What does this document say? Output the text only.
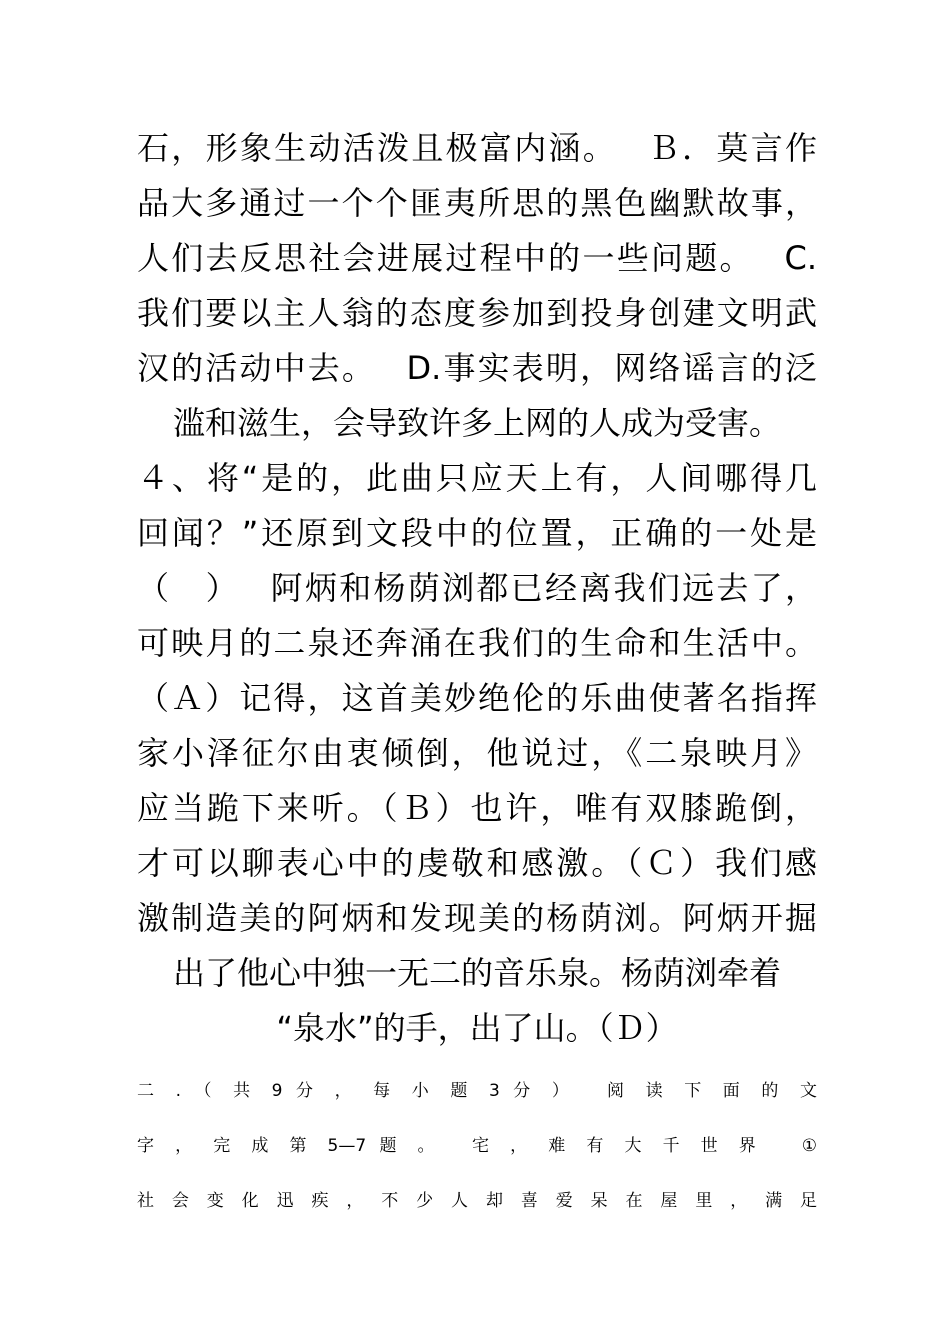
石，形象生动活泼且极富内涵。　 Ｂ．莫言作
品大多通过一个个匪夷所思的黑色幽默故事，
人们去反思社会进展过程中的一些问题。　 C.
我们要以主人翁的态度参加到投身创建文明武
汉的活动中去。　 D.事实表明，网络谣言的泛
滥和滋生，会导致许多上网的人成为受害。
４、将“是的，此曲只应天上有，人间哪得几
回闻？”还原到文段中的位置，正确的一处是
（　）　 阿炳和杨荫浏都已经离我们远去了，
可映月的二泉还奔涌在我们的生命和生活中。
（Ａ）记得，这首美妙绝伦的乐曲使著名指挥
家小泽征尔由衷倾倒，他说过，《二泉映月》
应当跪下来听。（Ｂ）也许，唯有双膝跪倒，
才可以聊表心中的虔敬和感激。（Ｃ）我们感
激制造美的阿炳和发现美的杨荫浏。阿炳开掘
出了他心中独一无二的音乐泉。杨荫浏牵着
“泉水”的手，出了山。（Ｄ）
二 . （ 共 9 分 ， 每 小 题 3 分 ）　 阅 读 下 面 的 文
字 ， 完 成 第 5—7 题 。　 宅 ， 难 有 大 千 世 界　 ①
社 会 变 化 迅 疾 ， 不 少 人 却 喜 爱 呆 在 屋 里 ， 满 足
